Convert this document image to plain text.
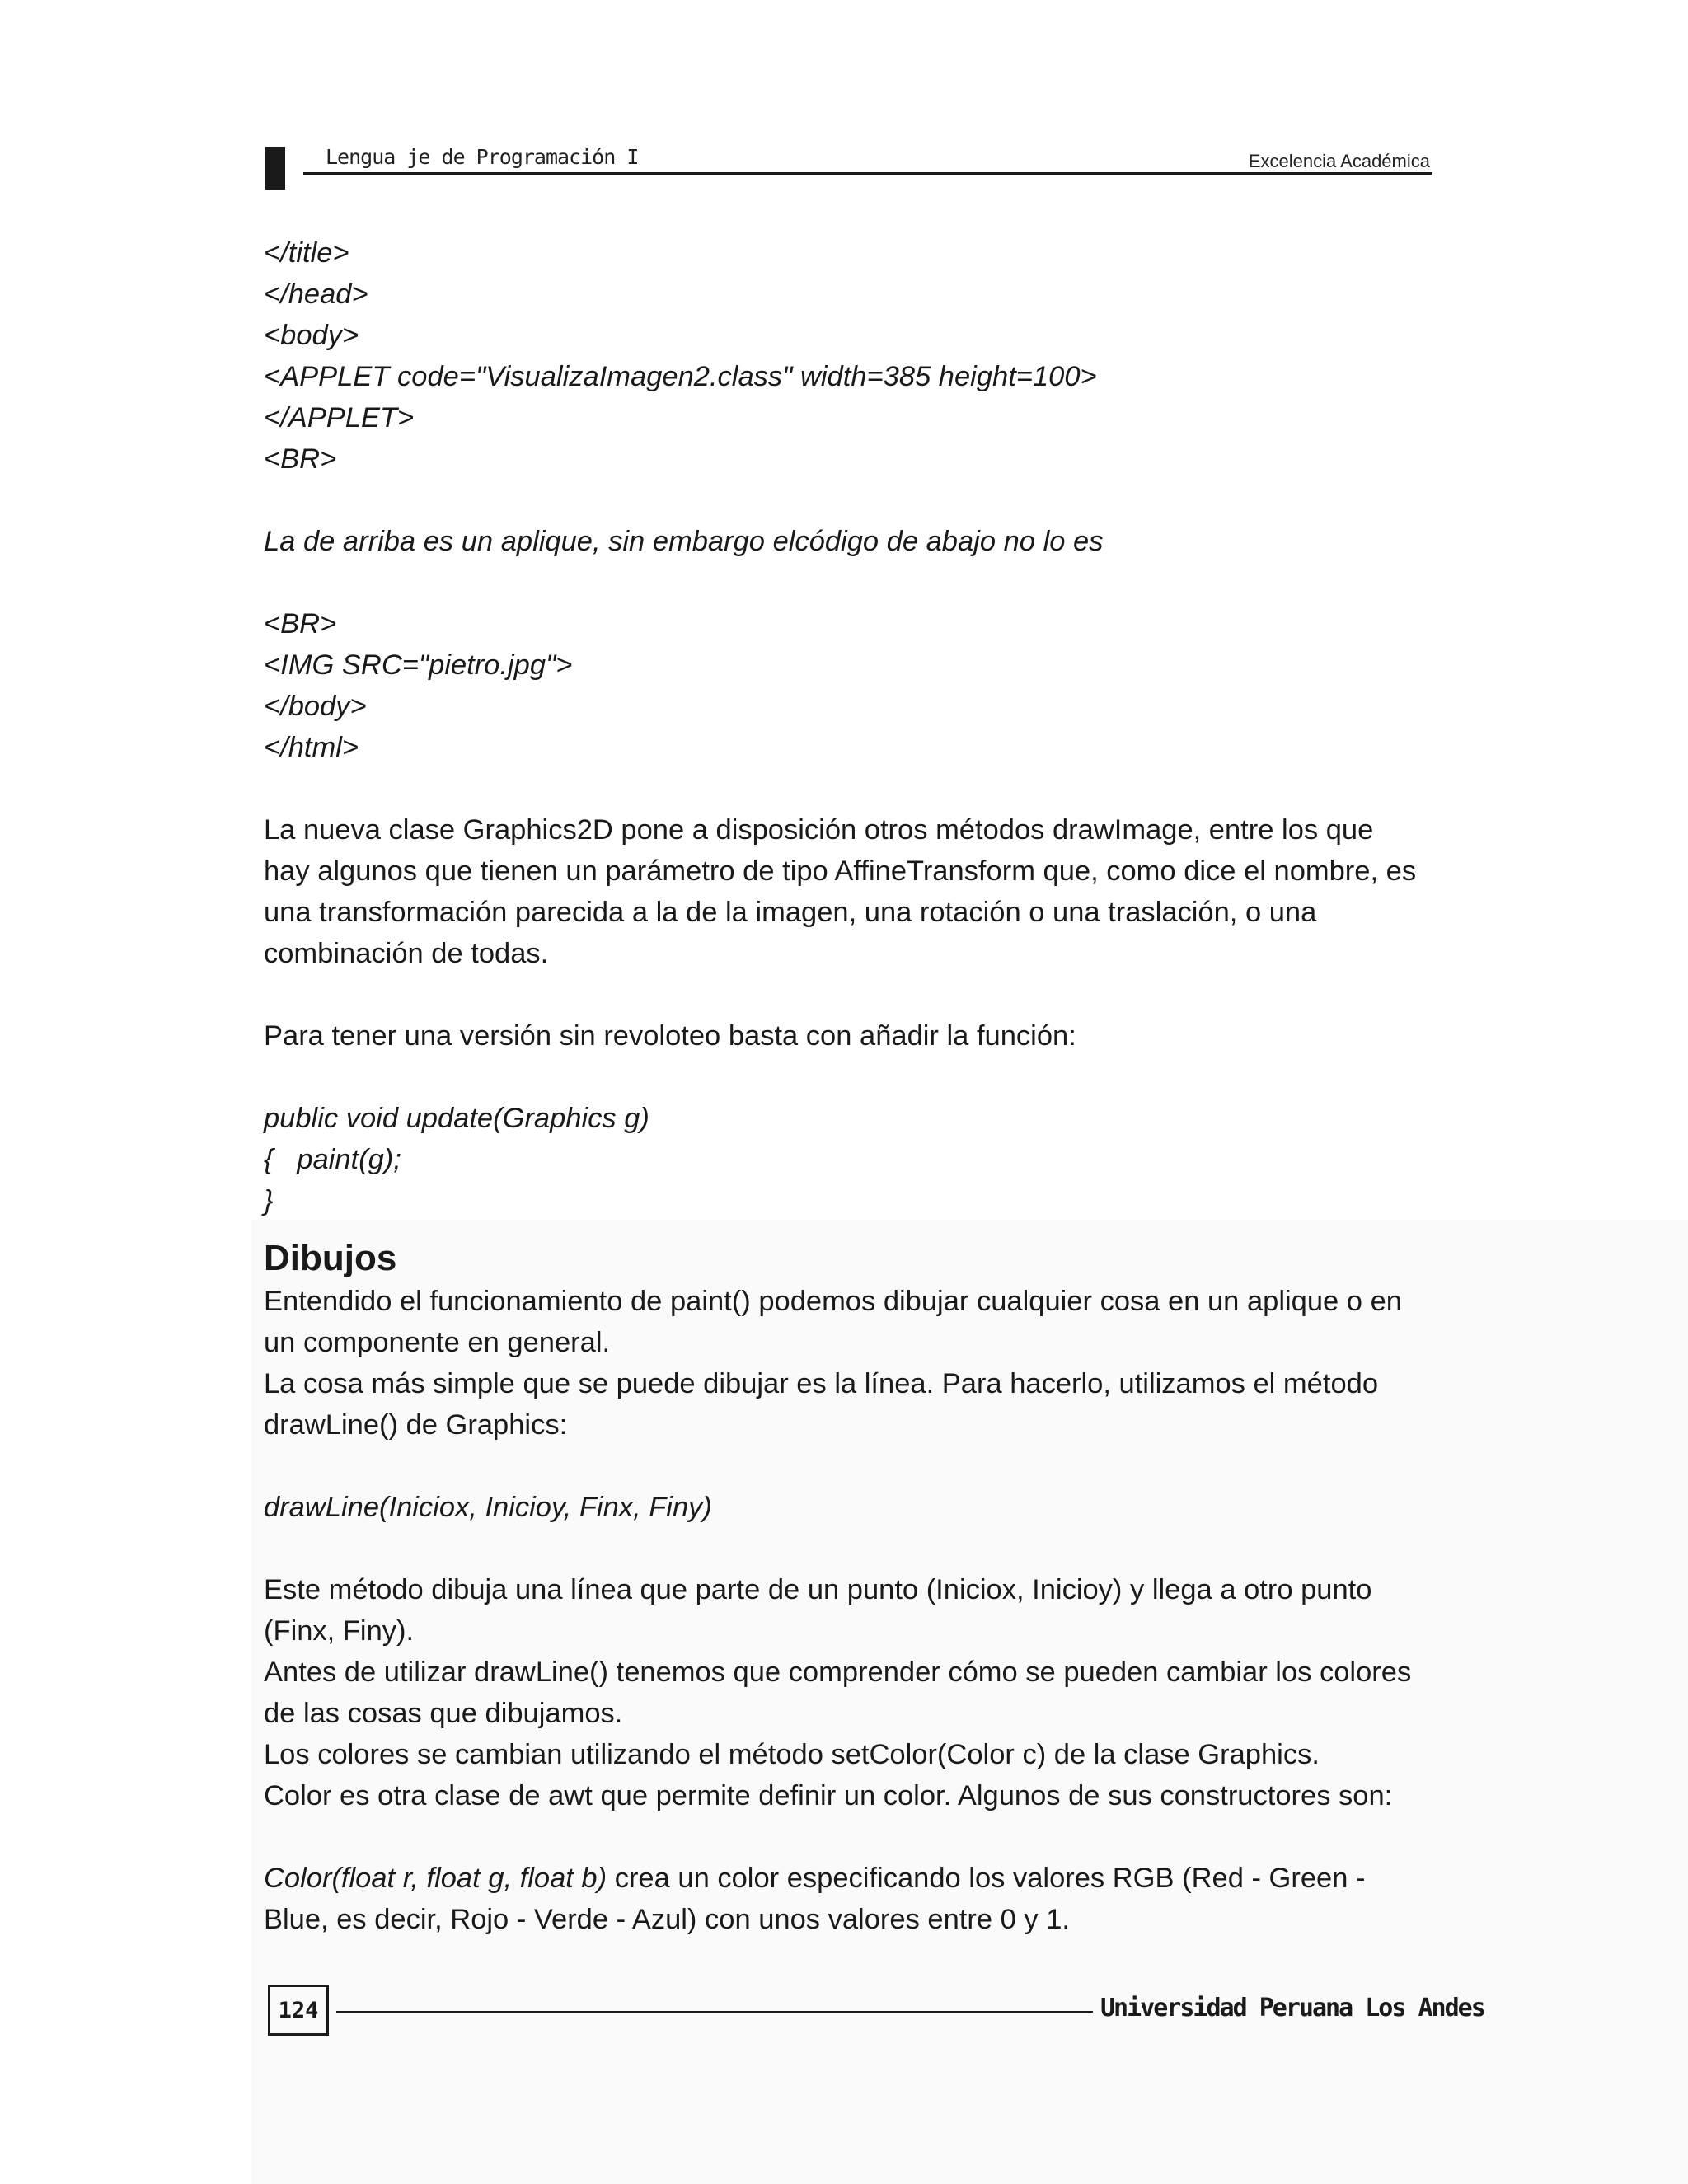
Lengua je de Programación I	Excelencia Académica

</title>

</head>

<body>

<APPLET code="VisualizaImagen2.class" width=385 height=100>

</APPLET>

<BR>

La de arriba es un aplique, sin embargo elcódigo de abajo no lo es

<BR>

<IMG SRC="pietro.jpg">

</body>

</html>

La nueva clase Graphics2D pone a disposición otros métodos drawImage, entre los que

hay algunos que tienen un parámetro de tipo AffineTransform que, como dice el nombre, es

una transformación parecida a la de la imagen, una rotación o una traslación, o una

combinación de todas.

Para tener una versión sin revoloteo basta con añadir la función:

public void update(Graphics g)

{   paint(g);

}

Dibujos

Entendido el funcionamiento de paint() podemos dibujar cualquier cosa en un aplique o en

un componente en general.

La cosa más simple que se puede dibujar es la línea. Para hacerlo, utilizamos el método

drawLine() de Graphics:

drawLine(Iniciox, Inicioy, Finx, Finy)

Este método dibuja una línea que parte de un punto (Iniciox, Inicioy) y llega a otro punto

(Finx, Finy).

Antes de utilizar drawLine() tenemos que comprender cómo se pueden cambiar los colores

de las cosas que dibujamos.

Los colores se cambian utilizando el método setColor(Color c) de la clase Graphics.

Color es otra clase de awt que permite definir un color. Algunos de sus constructores son:

Color(float r, float g, float b) crea un color especificando los valores RGB (Red - Green -

Blue, es decir, Rojo - Verde - Azul) con unos valores entre 0 y 1.

124	Universidad Peruana Los Andes
